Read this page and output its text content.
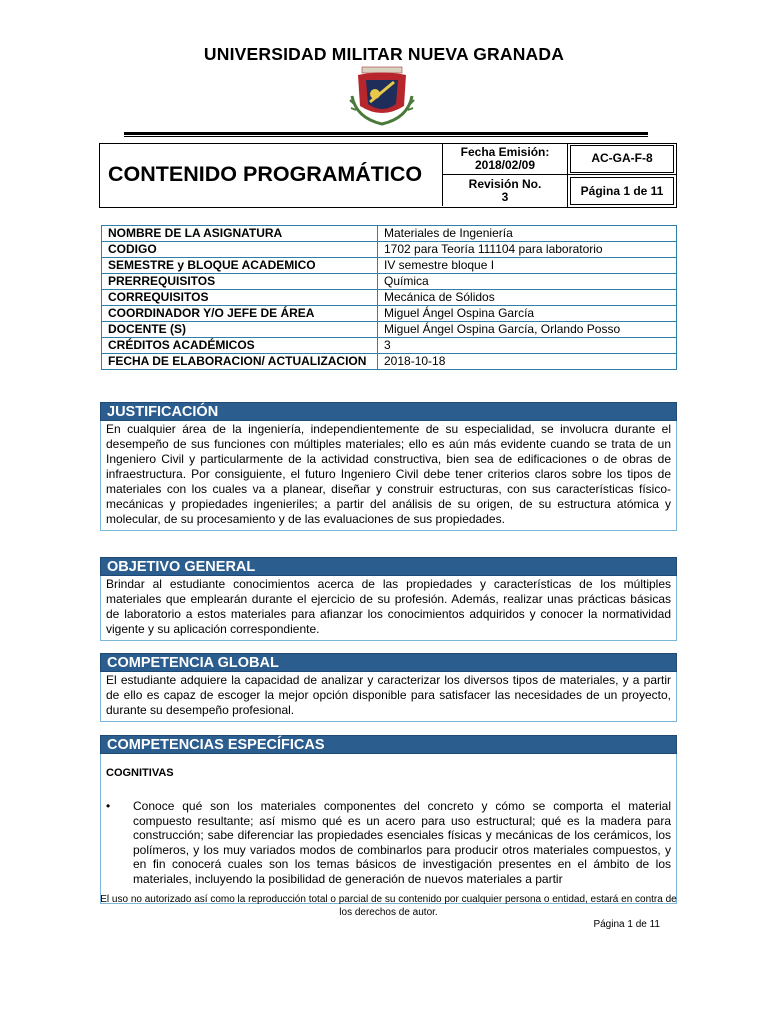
UNIVERSIDAD MILITAR NUEVA GRANADA
CONTENIDO PROGRAMÁTICO
Fecha Emisión:
2018/02/09	AC-GA-F-8
Revisión No.
3	Página 1 de 11
NOMBRE DE LA ASIGNATURA	Materiales de Ingeniería
CODIGO	1702 para Teoría 111104 para laboratorio
SEMESTRE y BLOQUE ACADEMICO	IV semestre bloque I
PRERREQUISITOS	Química
CORREQUISITOS	Mecánica de Sólidos
COORDINADOR Y/O JEFE DE ÁREA	Miguel Ángel Ospina García
DOCENTE (S)	Miguel Ángel Ospina García, Orlando Posso
CRÉDITOS ACADÉMICOS	3
FECHA DE ELABORACION/ ACTUALIZACION	2018-10-18
JUSTIFICACIÓN
En cualquier área de la ingeniería, independientemente de su especialidad, se involucra durante el desempeño de sus funciones con múltiples materiales; ello es aún más evidente cuando se trata de un Ingeniero Civil y particularmente de la actividad constructiva, bien sea de edificaciones o de obras de infraestructura. Por consiguiente, el futuro Ingeniero Civil debe tener criterios claros sobre los tipos de materiales con los cuales va a planear, diseñar y construir estructuras, con sus características físico-mecánicas y propiedades ingenieriles; a partir del análisis de su origen, de su estructura atómica y molecular, de su procesamiento y de las evaluaciones de sus propiedades.
OBJETIVO GENERAL
Brindar al estudiante conocimientos acerca de las propiedades y características de los múltiples materiales que emplearán durante el ejercicio de su profesión. Además, realizar unas prácticas básicas de laboratorio a estos materiales para afianzar los conocimientos adquiridos y conocer la normatividad vigente y su aplicación correspondiente.
COMPETENCIA GLOBAL
El estudiante adquiere la capacidad de analizar y caracterizar los diversos tipos de materiales, y a partir de ello es capaz de escoger la mejor opción disponible para satisfacer las necesidades de un proyecto, durante su desempeño profesional.
COMPETENCIAS ESPECÍFICAS
COGNITIVAS
•	Conoce qué son los materiales componentes del concreto y cómo se comporta el material compuesto resultante; así mismo qué es un acero para uso estructural; qué es la madera para construcción; sabe diferenciar las propiedades esenciales físicas y mecánicas de los cerámicos, los polímeros, y los muy variados modos de combinarlos para producir otros materiales compuestos, y en fin conocerá cuales son los temas básicos de investigación presentes en el ámbito de los materiales, incluyendo la posibilidad de generación de nuevos materiales a partir
El uso no autorizado así como la reproducción total o parcial de su contenido por cualquier persona o entidad, estará en contra de los derechos de autor.
Página 1 de 11
